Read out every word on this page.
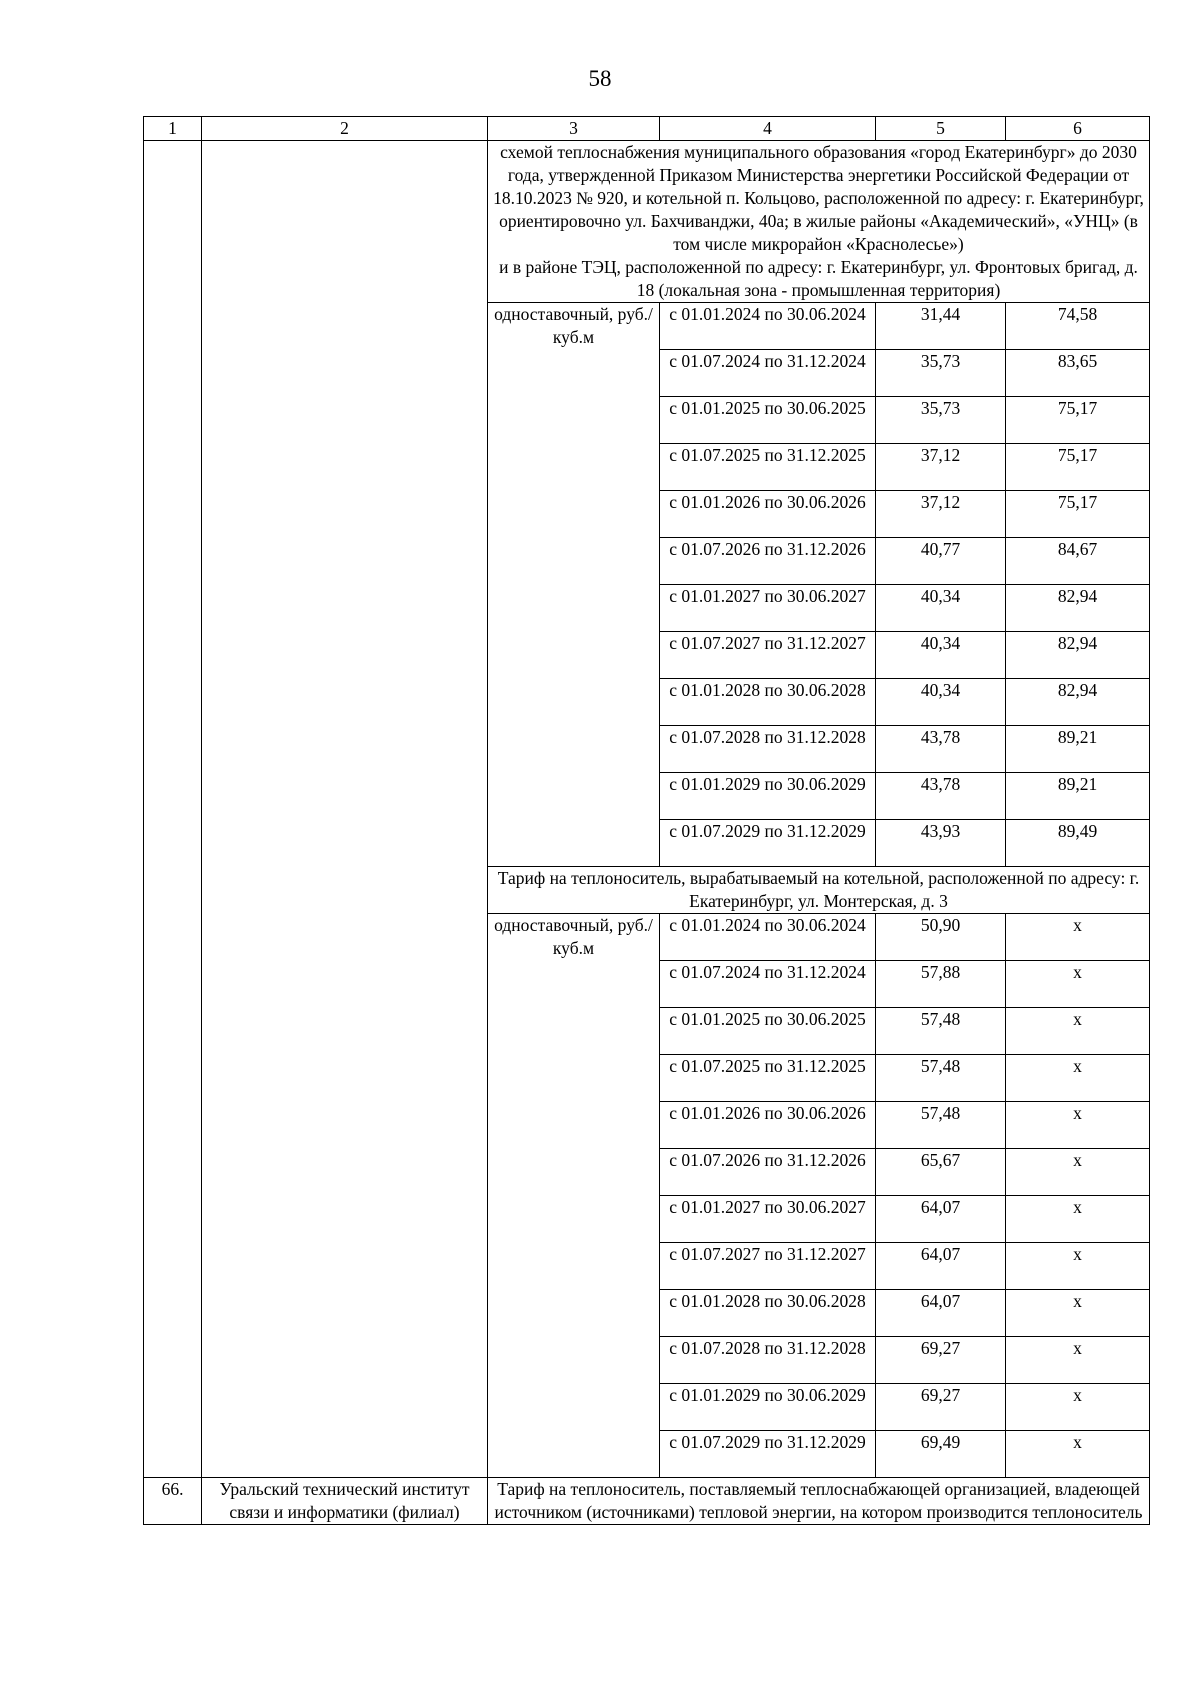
58
1	2	3	4	5	6

		схемой теплоснабжения муниципального образования «город Екатеринбург» до 2030 года, утвержденной Приказом Министерства энергетики Российской Федерации от 18.10.2023 № 920, и котельной п. Кольцово, расположенной по адресу: г. Екатеринбург, ориентировочно ул. Бахчиванджи, 40а; в жилые районы «Академический», «УНЦ» (в том числе микрорайон «Краснолесье»)
и в районе ТЭЦ, расположенной по адресу: г. Екатеринбург, ул. Фронтовых бригад, д. 18 (локальная зона - промышленная территория)			

		одноставочный, руб./куб.м	с 01.01.2024 по 30.06.2024	31,44	74,58
			с 01.07.2024 по 31.12.2024	35,73	83,65
			с 01.01.2025 по 30.06.2025	35,73	75,17
			с 01.07.2025 по 31.12.2025	37,12	75,17
			с 01.01.2026 по 30.06.2026	37,12	75,17
			с 01.07.2026 по 31.12.2026	40,77	84,67
			с 01.01.2027 по 30.06.2027	40,34	82,94
			с 01.07.2027 по 31.12.2027	40,34	82,94
			с 01.01.2028 по 30.06.2028	40,34	82,94
			с 01.07.2028 по 31.12.2028	43,78	89,21
			с 01.01.2029 по 30.06.2029	43,78	89,21
			с 01.07.2029 по 31.12.2029	43,93	89,49
		Тариф на теплоноситель, вырабатываемый на котельной, расположенной по адресу: г. Екатеринбург, ул. Монтерская, д. 3			
		одноставочный, руб./куб.м	с 01.01.2024 по 30.06.2024	50,90	х
			с 01.07.2024 по 31.12.2024	57,88	х
			с 01.01.2025 по 30.06.2025	57,48	х
			с 01.07.2025 по 31.12.2025	57,48	х
			с 01.01.2026 по 30.06.2026	57,48	х
			с 01.07.2026 по 31.12.2026	65,67	х
			с 01.01.2027 по 30.06.2027	64,07	х
			с 01.07.2027 по 31.12.2027	64,07	х
			с 01.01.2028 по 30.06.2028	64,07	х
			с 01.07.2028 по 31.12.2028	69,27	х
			с 01.01.2029 по 30.06.2029	69,27	х
			с 01.07.2029 по 31.12.2029	69,49	х
66.	Уральский технический институт связи и информатики (филиал)	Тариф на теплоноситель, поставляемый теплоснабжающей организацией, владеющей источником (источниками) тепловой энергии, на котором производится теплоноситель			
